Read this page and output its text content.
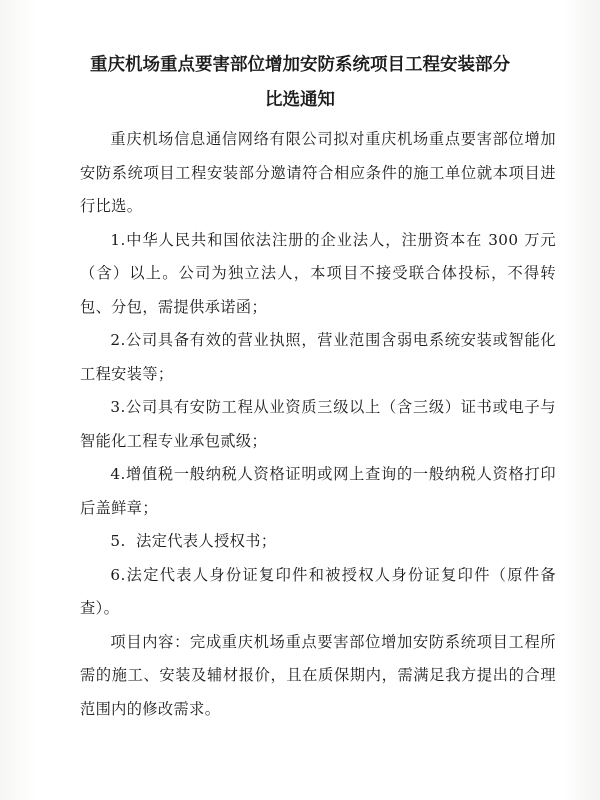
重庆机场重点要害部位增加安防系统项目工程安装部分
比选通知

重庆机场信息通信网络有限公司拟对重庆机场重点要害部位增加安防系统项目工程安装部分邀请符合相应条件的施工单位就本项目进行比选。

1.中华人民共和国依法注册的企业法人，注册资本在 300 万元（含）以上。公司为独立法人，本项目不接受联合体投标，不得转包、分包，需提供承诺函；

2.公司具备有效的营业执照，营业范围含弱电系统安装或智能化工程安装等；

3.公司具有安防工程从业资质三级以上（含三级）证书或电子与智能化工程专业承包贰级；

4.增值税一般纳税人资格证明或网上查询的一般纳税人资格打印后盖鲜章；

5.  法定代表人授权书；

6.法定代表人身份证复印件和被授权人身份证复印件（原件备查）。

项目内容：完成重庆机场重点要害部位增加安防系统项目工程所需的施工、安装及辅材报价，且在质保期内，需满足我方提出的合理范围内的修改需求。
